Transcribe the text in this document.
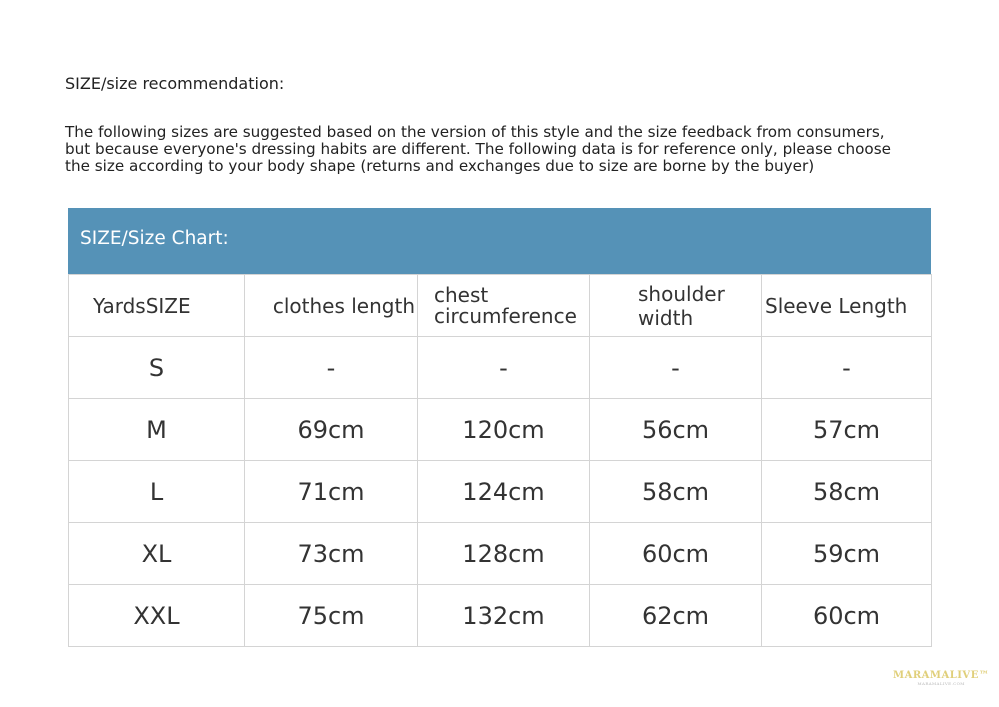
SIZE/size recommendation:
The following sizes are suggested based on the version of this style and the size feedback from consumers,
but because everyone's dressing habits are different. The following data is for reference only, please choose
the size according to your body shape (returns and exchanges due to size are borne by the buyer)
SIZE/Size Chart:
YardsSIZE	clothes length	chest circumference	shoulder width	Sleeve Length
S	-	-	-	-
M	69cm	120cm	56cm	57cm
L	71cm	124cm	58cm	58cm
XL	73cm	128cm	60cm	59cm
XXL	75cm	132cm	62cm	60cm
MARAMALIVE™
MARAMALIVE.COM
